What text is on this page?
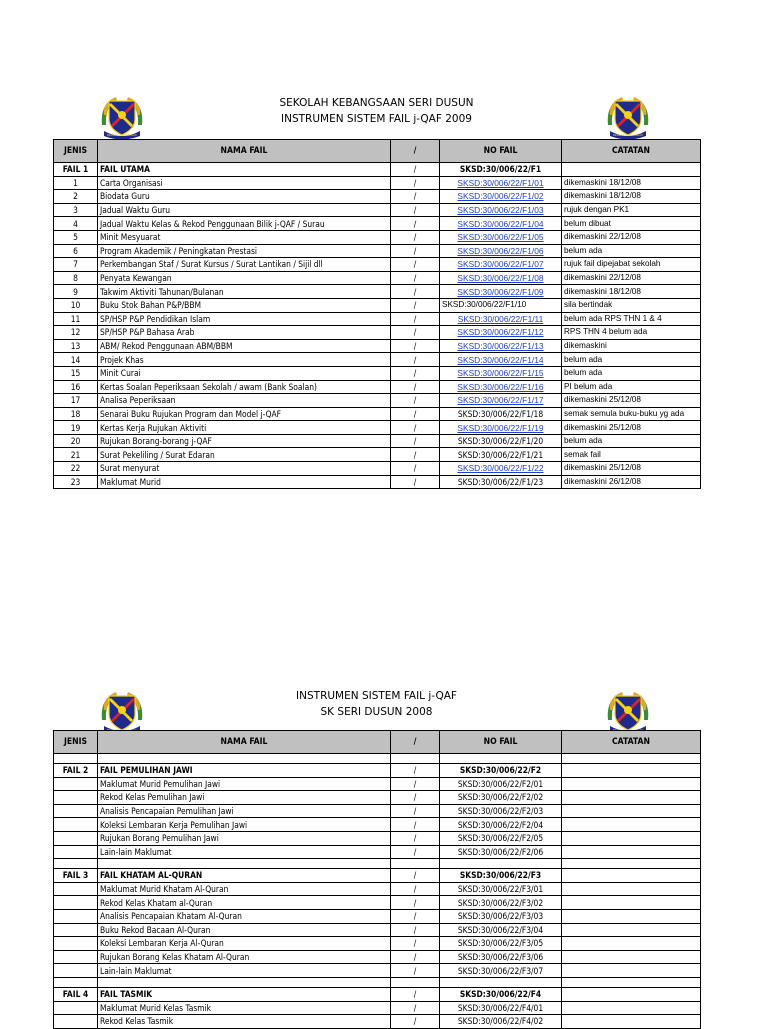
BERILMU BERAKHLAK	BERILMU BERAKHLAK
SEKOLAH KEBANGSAAN SERI DUSUN
INSTRUMEN SISTEM FAIL j-QAF 2009
JENIS	NAMA FAIL	/	NO FAIL	CATATAN
FAIL 1	FAIL UTAMA	/	SKSD:30/006/22/F1	
1	Carta Organisasi	/	SKSD:30/006/22/F1/01	dikemaskini 18/12/08
2	Biodata Guru	/	SKSD:30/006/22/F1/02	dikemaskini 18/12/08
3	Jadual Waktu Guru	/	SKSD:30/006/22/F1/03	rujuk dengan PK1
4	Jadual Waktu Kelas & Rekod Penggunaan Bilik j-QAF / Surau	/	SKSD:30/006/22/F1/04	belum dibuat
5	Minit Mesyuarat	/	SKSD:30/006/22/F1/05	dikemaskini 22/12/08
6	Program Akademik / Peningkatan Prestasi	/	SKSD:30/006/22/F1/06	belum ada
7	Perkembangan Staf / Surat Kursus / Surat Lantikan / Sijil dll	/	SKSD:30/006/22/F1/07	rujuk fail dipejabat sekolah
8	Penyata Kewangan	/	SKSD:30/006/22/F1/08	dikemaskini 22/12/08
9	Takwim Aktiviti Tahunan/Bulanan	/	SKSD:30/006/22/F1/09	dikemaskini 18/12/08
10	Buku Stok Bahan P&P/BBM	/	SKSD:30/006/22/F1/10	sila bertindak
11	SP/HSP P&P Pendidikan Islam	/	SKSD:30/006/22/F1/11	belum ada RPS THN 1 & 4
12	SP/HSP P&P Bahasa Arab	/	SKSD:30/006/22/F1/12	RPS THN 4 belum ada
13	ABM/ Rekod Penggunaan ABM/BBM	/	SKSD:30/006/22/F1/13	dikemaskini
14	Projek Khas	/	SKSD:30/006/22/F1/14	belum ada
15	Minit Curai	/	SKSD:30/006/22/F1/15	belum ada
16	Kertas Soalan Peperiksaan Sekolah / awam (Bank Soalan)	/	SKSD:30/006/22/F1/16	PI belum ada
17	Analisa Peperiksaan	/	SKSD:30/006/22/F1/17	dikemaskini 25/12/08
18	Senarai Buku Rujukan Program dan Model j-QAF	/	SKSD:30/006/22/F1/18	semak semula buku-buku yg ada
19	Kertas Kerja Rujukan Aktiviti	/	SKSD:30/006/22/F1/19	dikemaskini 25/12/08
20	Rujukan Borang-borang j-QAF	/	SKSD:30/006/22/F1/20	belum ada
21	Surat Pekeliling / Surat Edaran	/	SKSD:30/006/22/F1/21	semak fail
22	Surat menyurat	/	SKSD:30/006/22/F1/22	dikemaskini 25/12/08
23	Maklumat Murid	/	SKSD:30/006/22/F1/23	dikemaskini 26/12/08
INSTRUMEN SISTEM FAIL j-QAF
SK SERI DUSUN 2008
JENIS	NAMA FAIL	/	NO FAIL	CATATAN

FAIL 2	FAIL PEMULIHAN JAWI	/	SKSD:30/006/22/F2	
	Maklumat Murid Pemulihan Jawi	/	SKSD:30/006/22/F2/01	
	Rekod Kelas Pemulihan Jawi	/	SKSD:30/006/22/F2/02	
	Analisis Pencapaian Pemulihan Jawi	/	SKSD:30/006/22/F2/03	
	Koleksi Lembaran Kerja Pemulihan Jawi	/	SKSD:30/006/22/F2/04	
	Rujukan Borang Pemulihan Jawi	/	SKSD:30/006/22/F2/05	
	Lain-lain Maklumat	/	SKSD:30/006/22/F2/06	

FAIL 3	FAIL KHATAM AL-QURAN	/	SKSD:30/006/22/F3	
	Maklumat Murid Khatam Al-Quran	/	SKSD:30/006/22/F3/01	
	Rekod Kelas Khatam al-Quran	/	SKSD:30/006/22/F3/02	
	Analisis Pencapaian Khatam Al-Quran	/	SKSD:30/006/22/F3/03	
	Buku Rekod Bacaan Al-Quran	/	SKSD:30/006/22/F3/04	
	Koleksi Lembaran Kerja Al-Quran	/	SKSD:30/006/22/F3/05	
	Rujukan Borang Kelas Khatam Al-Quran	/	SKSD:30/006/22/F3/06	
	Lain-lain Maklumat	/	SKSD:30/006/22/F3/07	

FAIL 4	FAIL TASMIK	/	SKSD:30/006/22/F4	
	Maklumat Murid Kelas Tasmik	/	SKSD:30/006/22/F4/01	
	Rekod Kelas Tasmik	/	SKSD:30/006/22/F4/02	
